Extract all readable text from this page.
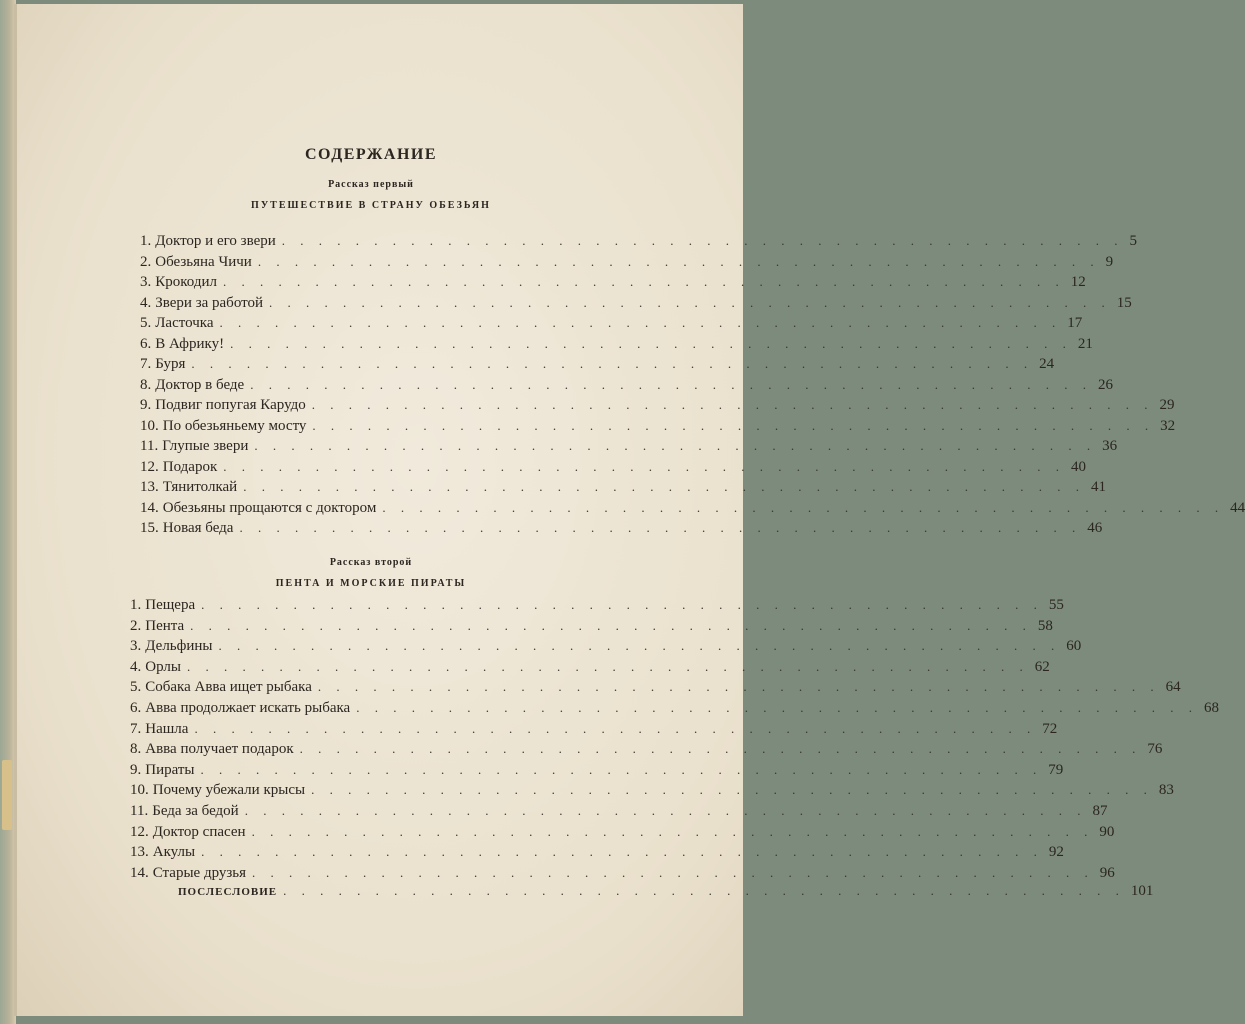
СОДЕРЖАНИЕ
Рассказ первый
ПУТЕШЕСТВИЕ В СТРАНУ ОБЕЗЬЯН
1. Доктор и его звери . . . . . . . . . . . . . . . . . . . . . . . . . . . . . . . . . . . . . . . . . . . . . . 5
2. Обезьяна Чичи . . . . . . . . . . . . . . . . . . . . . . . . . . . . . . . . . . . . . . . . . . . . . . 9
3. Крокодил . . . . . . . . . . . . . . . . . . . . . . . . . . . . . . . . . . . . . . . . . . . . . . 12
4. Звери за работой . . . . . . . . . . . . . . . . . . . . . . . . . . . . . . . . . . . . . . . . . . . . . . 15
5. Ласточка . . . . . . . . . . . . . . . . . . . . . . . . . . . . . . . . . . . . . . . . . . . . . . 17
6. В Африку! . . . . . . . . . . . . . . . . . . . . . . . . . . . . . . . . . . . . . . . . . . . . . . 21
7. Буря . . . . . . . . . . . . . . . . . . . . . . . . . . . . . . . . . . . . . . . . . . . . . . 24
8. Доктор в беде . . . . . . . . . . . . . . . . . . . . . . . . . . . . . . . . . . . . . . . . . . . . . . 26
9. Подвиг попугая Карудо . . . . . . . . . . . . . . . . . . . . . . . . . . . . . . . . . . . . . . . . . . . . . . 29
10. По обезьяньему мосту . . . . . . . . . . . . . . . . . . . . . . . . . . . . . . . . . . . . . . . . . . . . . . 32
11. Глупые звери . . . . . . . . . . . . . . . . . . . . . . . . . . . . . . . . . . . . . . . . . . . . . . 36
12. Подарок . . . . . . . . . . . . . . . . . . . . . . . . . . . . . . . . . . . . . . . . . . . . . . 40
13. Тянитолкай . . . . . . . . . . . . . . . . . . . . . . . . . . . . . . . . . . . . . . . . . . . . . . 41
14. Обезьяны прощаются с доктором . . . . . . . . . . . . . . . . . . . . . . . . . . . . . . . . . . . . . . . . . . . . . . 44
15. Новая беда . . . . . . . . . . . . . . . . . . . . . . . . . . . . . . . . . . . . . . . . . . . . . . 46
Рассказ второй
ПЕНТА И МОРСКИЕ ПИРАТЫ
1. Пещера . . . . . . . . . . . . . . . . . . . . . . . . . . . . . . . . . . . . . . . . . . . . . . 55
2. Пента . . . . . . . . . . . . . . . . . . . . . . . . . . . . . . . . . . . . . . . . . . . . . . 58
3. Дельфины . . . . . . . . . . . . . . . . . . . . . . . . . . . . . . . . . . . . . . . . . . . . . . 60
4. Орлы . . . . . . . . . . . . . . . . . . . . . . . . . . . . . . . . . . . . . . . . . . . . . . 62
5. Собака Авва ищет рыбака . . . . . . . . . . . . . . . . . . . . . . . . . . . . . . . . . . . . . . . . . . . . . . 64
6. Авва продолжает искать рыбака . . . . . . . . . . . . . . . . . . . . . . . . . . . . . . . . . . . . . . . . . . . . . . 68
7. Нашла . . . . . . . . . . . . . . . . . . . . . . . . . . . . . . . . . . . . . . . . . . . . . . 72
8. Авва получает подарок . . . . . . . . . . . . . . . . . . . . . . . . . . . . . . . . . . . . . . . . . . . . . . 76
9. Пираты . . . . . . . . . . . . . . . . . . . . . . . . . . . . . . . . . . . . . . . . . . . . . . 79
10. Почему убежали крысы . . . . . . . . . . . . . . . . . . . . . . . . . . . . . . . . . . . . . . . . . . . . . . 83
11. Беда за бедой . . . . . . . . . . . . . . . . . . . . . . . . . . . . . . . . . . . . . . . . . . . . . . 87
12. Доктор спасен . . . . . . . . . . . . . . . . . . . . . . . . . . . . . . . . . . . . . . . . . . . . . . 90
13. Акулы . . . . . . . . . . . . . . . . . . . . . . . . . . . . . . . . . . . . . . . . . . . . . . 92
14. Старые друзья . . . . . . . . . . . . . . . . . . . . . . . . . . . . . . . . . . . . . . . . . . . . . . 96
ПОСЛЕСЛОВИЕ . . . . . . . . . . . . . . . . . . . . . . . . . . . . . . . . . . . . . . . . . . . . . . 101
